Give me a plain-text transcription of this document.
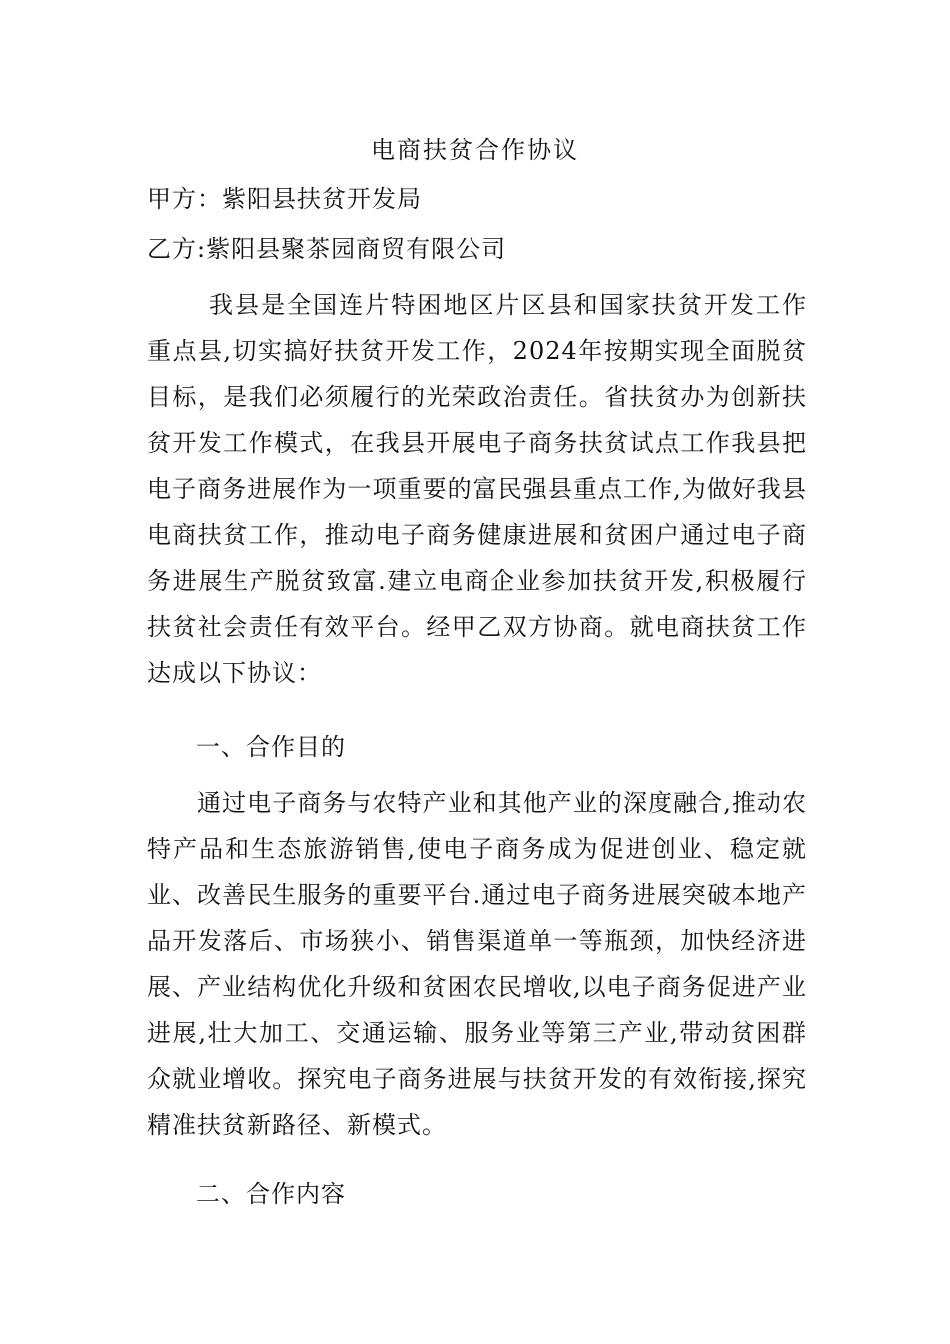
电商扶贫合作协议
甲方：紫阳县扶贫开发局
乙方:紫阳县聚茶园商贸有限公司

我县是全国连片特困地区片区县和国家扶贫开发工作重点县,切实搞好扶贫开发工作，2024年按期实现全面脱贫目标，是我们必须履行的光荣政治责任。省扶贫办为创新扶贫开发工作模式，在我县开展电子商务扶贫试点工作我县把电子商务进展作为一项重要的富民强县重点工作,为做好我县电商扶贫工作，推动电子商务健康进展和贫困户通过电子商务进展生产脱贫致富.建立电商企业参加扶贫开发,积极履行扶贫社会责任有效平台。经甲乙双方协商。就电商扶贫工作达成以下协议：

一、合作目的

通过电子商务与农特产业和其他产业的深度融合,推动农特产品和生态旅游销售,使电子商务成为促进创业、稳定就业、改善民生服务的重要平台.通过电子商务进展突破本地产品开发落后、市场狭小、销售渠道单一等瓶颈，加快经济进展、产业结构优化升级和贫困农民增收,以电子商务促进产业进展,壮大加工、交通运输、服务业等第三产业,带动贫困群众就业增收。探究电子商务进展与扶贫开发的有效衔接,探究精准扶贫新路径、新模式。

二、合作内容
